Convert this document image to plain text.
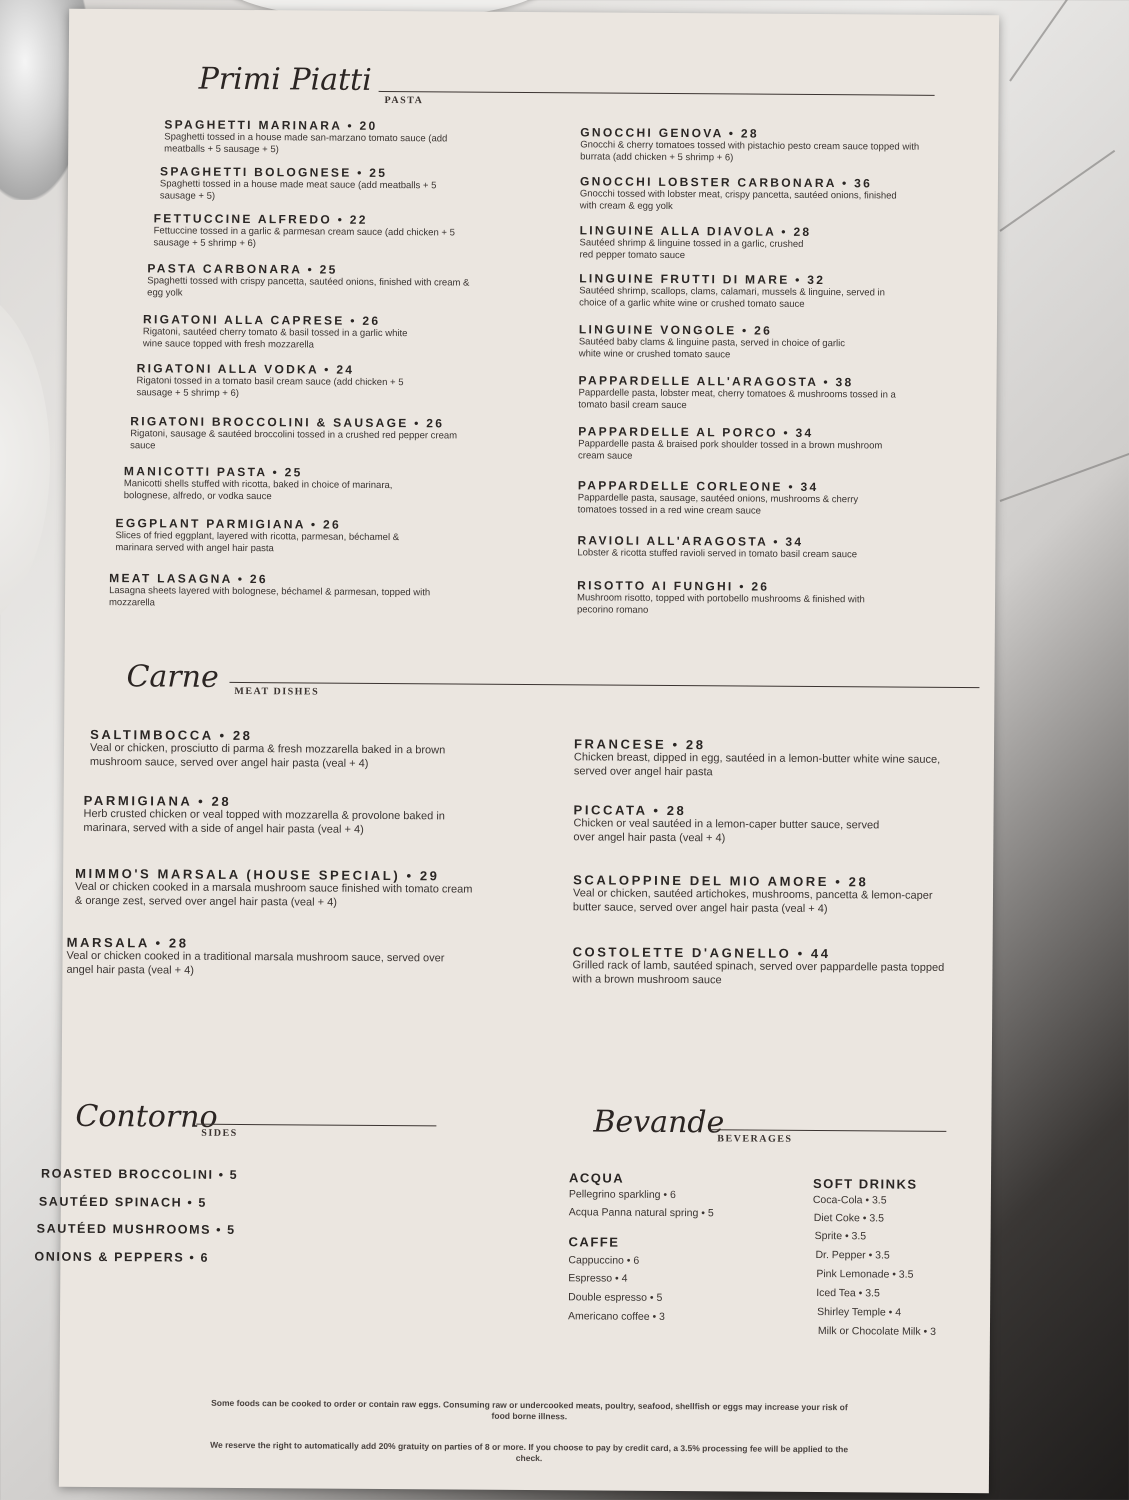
Primi Piatti
PASTA
SPAGHETTI MARINARA • 20
Spaghetti tossed in a house made san-marzano tomato sauce (add meatballs + 5 sausage + 5)
SPAGHETTI BOLOGNESE • 25
Spaghetti tossed in a house made meat sauce (add meatballs + 5 sausage + 5)
FETTUCCINE ALFREDO • 22
Fettuccine tossed in a garlic & parmesan cream sauce (add chicken + 5 sausage + 5 shrimp + 6)
PASTA CARBONARA • 25
Spaghetti tossed with crispy pancetta, sautéed onions, finished with cream & egg yolk
RIGATONI ALLA CAPRESE • 26
Rigatoni, sautéed cherry tomato & basil tossed in a garlic white wine sauce topped with fresh mozzarella
RIGATONI ALLA VODKA • 24
Rigatoni tossed in a tomato basil cream sauce (add chicken + 5 sausage + 5 shrimp + 6)
RIGATONI BROCCOLINI & SAUSAGE • 26
Rigatoni, sausage & sautéed broccolini tossed in a crushed red pepper cream sauce
MANICOTTI PASTA • 25
Manicotti shells stuffed with ricotta, baked in choice of marinara, bolognese, alfredo, or vodka sauce
EGGPLANT PARMIGIANA • 26
Slices of fried eggplant, layered with ricotta, parmesan, béchamel & marinara served with angel hair pasta
MEAT LASAGNA • 26
Lasagna sheets layered with bolognese, béchamel & parmesan, topped with mozzarella
GNOCCHI GENOVA • 28
Gnocchi & cherry tomatoes tossed with pistachio pesto cream sauce topped with burrata (add chicken + 5 shrimp + 6)
GNOCCHI LOBSTER CARBONARA • 36
Gnocchi tossed with lobster meat, crispy pancetta, sautéed onions, finished with cream & egg yolk
LINGUINE ALLA DIAVOLA • 28
Sautéed shrimp & linguine tossed in a garlic, crushed red pepper tomato sauce
LINGUINE FRUTTI DI MARE • 32
Sautéed shrimp, scallops, clams, calamari, mussels & linguine, served in choice of a garlic white wine or crushed tomato sauce
LINGUINE VONGOLE • 26
Sautéed baby clams & linguine pasta, served in choice of garlic white wine or crushed tomato sauce
PAPPARDELLE ALL'ARAGOSTA • 38
Pappardelle pasta, lobster meat, cherry tomatoes & mushrooms tossed in a tomato basil cream sauce
PAPPARDELLE AL PORCO • 34
Pappardelle pasta & braised pork shoulder tossed in a brown mushroom cream sauce
PAPPARDELLE CORLEONE • 34
Pappardelle pasta, sausage, sautéed onions, mushrooms & cherry tomatoes tossed in a red wine cream sauce
RAVIOLI ALL'ARAGOSTA • 34
Lobster & ricotta stuffed ravioli served in tomato basil cream sauce
RISOTTO AI FUNGHI • 26
Mushroom risotto, topped with portobello mushrooms & finished with pecorino romano
Carne MEAT DISHES
SALTIMBOCCA • 28
Veal or chicken, prosciutto di parma & fresh mozzarella baked in a brown mushroom sauce, served over angel hair pasta (veal + 4)
PARMIGIANA • 28
Herb crusted chicken or veal topped with mozzarella & provolone baked in marinara, served with a side of angel hair pasta (veal + 4)
MIMMO'S MARSALA (HOUSE SPECIAL) • 29
Veal or chicken cooked in a marsala mushroom sauce finished with tomato cream & orange zest, served over angel hair pasta (veal + 4)
MARSALA • 28
Veal or chicken cooked in a traditional marsala mushroom sauce, served over angel hair pasta (veal + 4)
FRANCESE • 28
Chicken breast, dipped in egg, sautéed in a lemon-butter white wine sauce, served over angel hair pasta
PICCATA • 28
Chicken or veal sautéed in a lemon-caper butter sauce, served over angel hair pasta (veal + 4)
SCALOPPINE DEL MIO AMORE • 28
Veal or chicken, sautéed artichokes, mushrooms, pancetta & lemon-caper butter sauce, served over angel hair pasta (veal + 4)
COSTOLETTE D'AGNELLO • 44
Grilled rack of lamb, sautéed spinach, served over pappardelle pasta topped with a brown mushroom sauce
Contorno
SIDES
ROASTED BROCCOLINI • 5
SAUTÉED SPINACH • 5
SAUTÉED MUSHROOMS • 5
ONIONS & PEPPERS • 6
Bevande
BEVERAGES
ACQUA
Pellegrino sparkling • 6
Acqua Panna natural spring • 5
CAFFE
Cappuccino • 6
Espresso • 4
Double espresso • 5
Americano coffee • 3
SOFT DRINKS
Coca-Cola • 3.5
Diet Coke • 3.5
Sprite • 3.5
Dr. Pepper • 3.5
Pink Lemonade • 3.5
Iced Tea • 3.5
Shirley Temple • 4
Milk or Chocolate Milk • 3
Some foods can be cooked to order or contain raw eggs. Consuming raw or undercooked meats, poultry, seafood, shellfish or eggs may increase your risk of food borne illness.
We reserve the right to automatically add 20% gratuity on parties of 8 or more. If you choose to pay by credit card, a 3.5% processing fee will be applied to the check.
